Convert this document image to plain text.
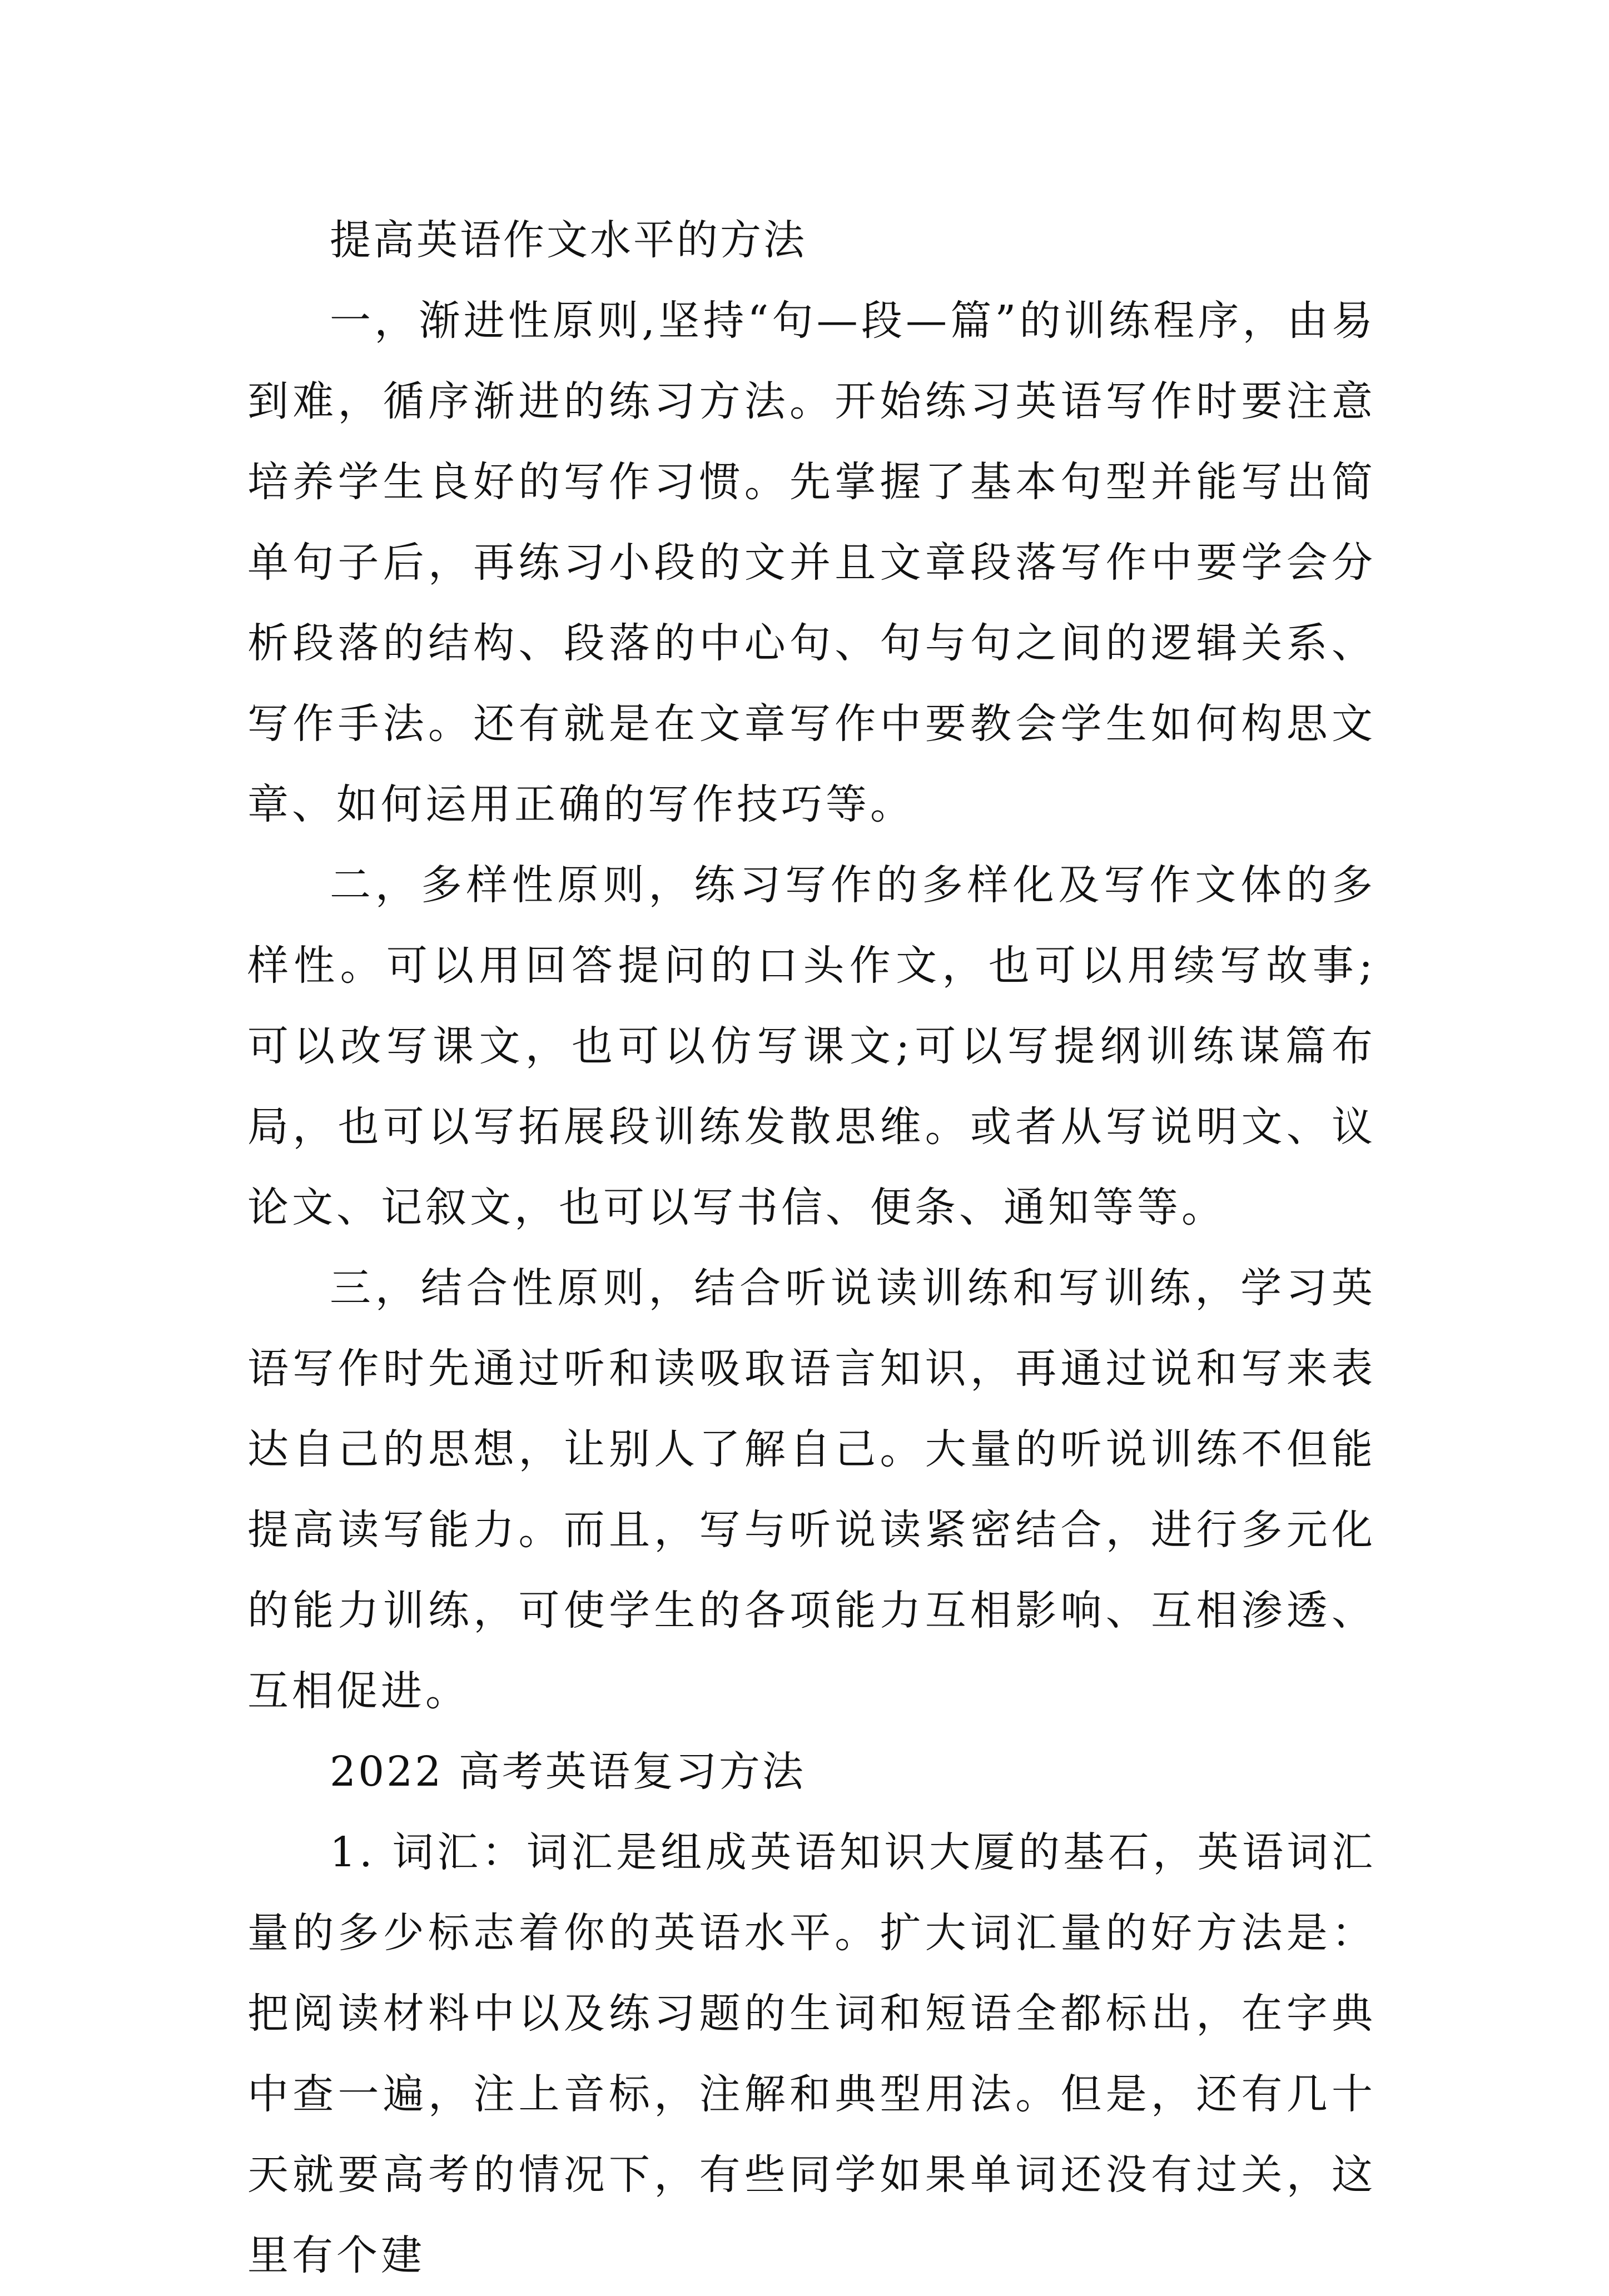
提高英语作文水平的方法

一，渐进性原则,坚持“句—段—篇”的训练程序，由易到难，循序渐进的练习方法。开始练习英语写作时要注意培养学生良好的写作习惯。先掌握了基本句型并能写出简单句子后，再练习小段的文并且文章段落写作中要学会分析段落的结构、段落的中心句、句与句之间的逻辑关系、写作手法。还有就是在文章写作中要教会学生如何构思文章、如何运用正确的写作技巧等。

二，多样性原则，练习写作的多样化及写作文体的多样性。可以用回答提问的口头作文，也可以用续写故事;可以改写课文，也可以仿写课文;可以写提纲训练谋篇布局，也可以写拓展段训练发散思维。或者从写说明文、议论文、记叙文，也可以写书信、便条、通知等等。

三，结合性原则，结合听说读训练和写训练，学习英语写作时先通过听和读吸取语言知识，再通过说和写来表达自己的思想，让别人了解自己。大量的听说训练不但能提高读写能力。而且，写与听说读紧密结合，进行多元化的能力训练，可使学生的各项能力互相影响、互相渗透、互相促进。

2022 高考英语复习方法

1. 词汇：词汇是组成英语知识大厦的基石，英语词汇量的多少标志着你的英语水平。扩大词汇量的好方法是：把阅读材料中以及练习题的生词和短语全都标出，在字典中查一遍，注上音标，注解和典型用法。但是，还有几十天就要高考的情况下，有些同学如果单词还没有过关，这里有个建
